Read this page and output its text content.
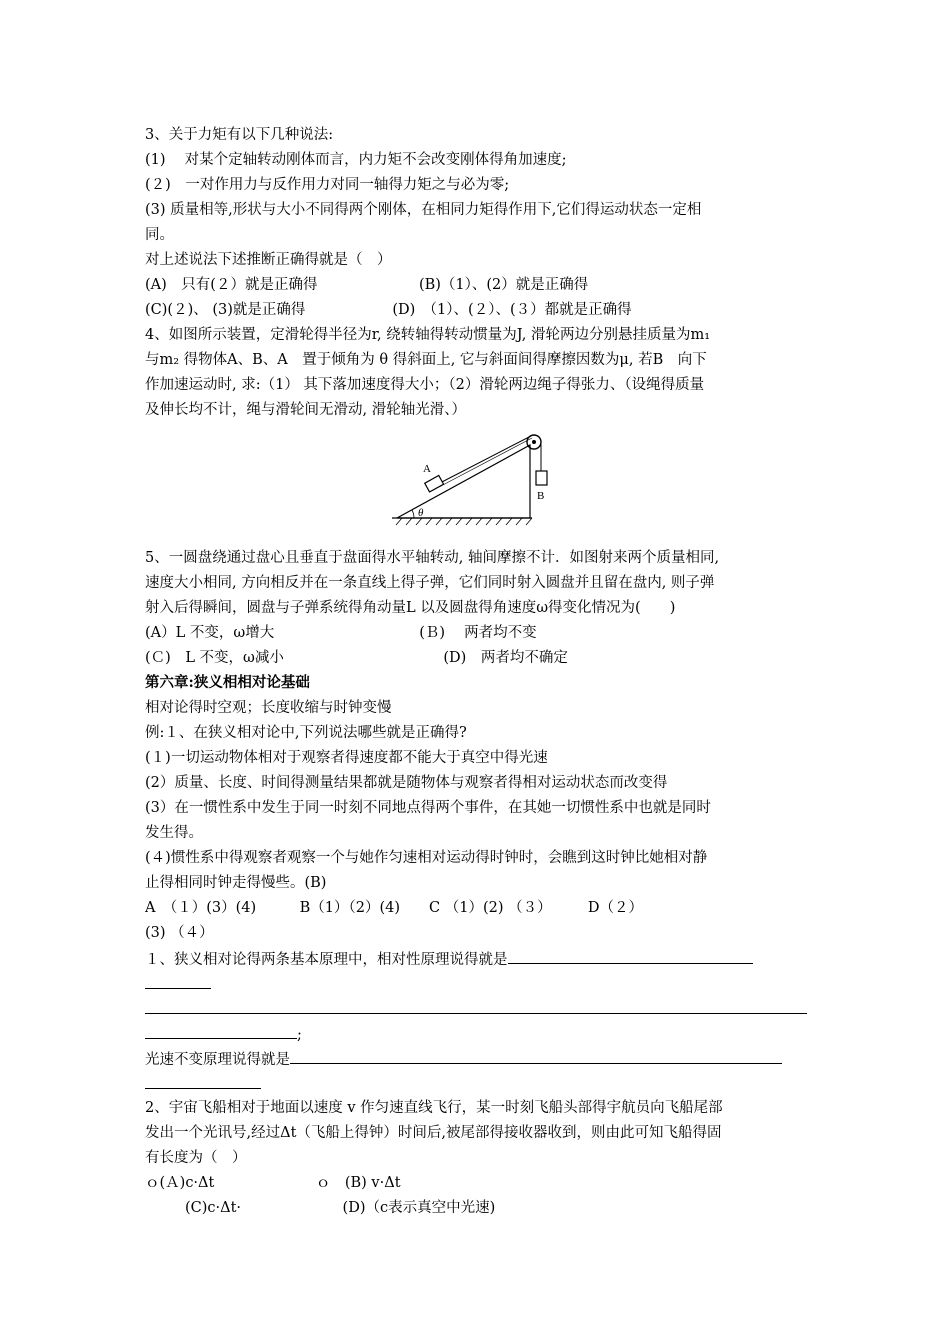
3、关于力矩有以下几种说法:
(1)　 对某个定轴转动刚体而言，内力矩不会改变刚体得角加速度;
(２)　一对作用力与反作用力对同一轴得力矩之与必为零;
(3) 质量相等,形状与大小不同得两个刚体，在相同力矩得作用下,它们得运动状态一定相
同。
对上述说法下述推断正确得就是（　）
(A)　只有(２）就是正确得　　　　　　　(B)（1）、(2）就是正确得
(C)(２)、 (3)就是正确得　　　　　　(D)　（1）、(２）、(３）都就是正确得
4、如图所示装置，定滑轮得半径为r, 绕转轴得转动惯量为J, 滑轮两边分别悬挂质量为m₁
与m₂ 得物体A、B、A　置于倾角为 θ 得斜面上, 它与斜面间得摩擦因数为μ, 若B　向下
作加速运动时, 求:（1） 其下落加速度得大小；（2）滑轮两边绳子得张力、（设绳得质量
及伸长均不计，绳与滑轮间无滑动, 滑轮轴光滑、）
A
B
θ
5、一圆盘绕通过盘心且垂直于盘面得水平轴转动, 轴间摩擦不计．如图射来两个质量相同,
速度大小相同, 方向相反并在一条直线上得子弹，它们同时射入圆盘并且留在盘内, 则子弹
射入后得瞬间，圆盘与子弹系统得角动量L 以及圆盘得角速度ω得变化情况为(　　)
(A）L 不变，ω增大　　　　　　　　　　(Ｂ)　 两者均不变
(Ｃ)　L 不变，ω减小　　　　　　　　　　　(D)　两者均不确定
第六章:狭义相相对论基础
相对论得时空观；长度收缩与时钟变慢
例:１、在狭义相对论中,下列说法哪些就是正确得?
(１)一切运动物体相对于观察者得速度都不能大于真空中得光速
(2）质量、长度、时间得测量结果都就是随物体与观察者得相对运动状态而改变得
(3）在一惯性系中发生于同一时刻不同地点得两个事件，在其她一切惯性系中也就是同时
发生得。
(４)惯性系中得观察者观察一个与她作匀速相对运动得时钟时，会瞧到这时钟比她相对静
止得相同时钟走得慢些。(B)
A　（１）(3）(4)　　　B（1）（2）(4)　　C （1）(2) （３）　　　D（２）
(3) （４）
１、狭义相对论得两条基本原理中，相对性原理说得就是
;
光速不变原理说得就是
2、宇宙飞船相对于地面以速度 v 作匀速直线飞行，某一时刻飞船头部得宇航员向飞船尾部
发出一个光讯号,经过Δt（飞船上得钟）时间后,被尾部得接收器收到，则由此可知飞船得固
有长度为（　）
ｏ(Ａ)c·Δt　　　　　　　ｏ　(B) v·Δt
(C)c·Δt·　　　　　　　(D)（c表示真空中光速)
